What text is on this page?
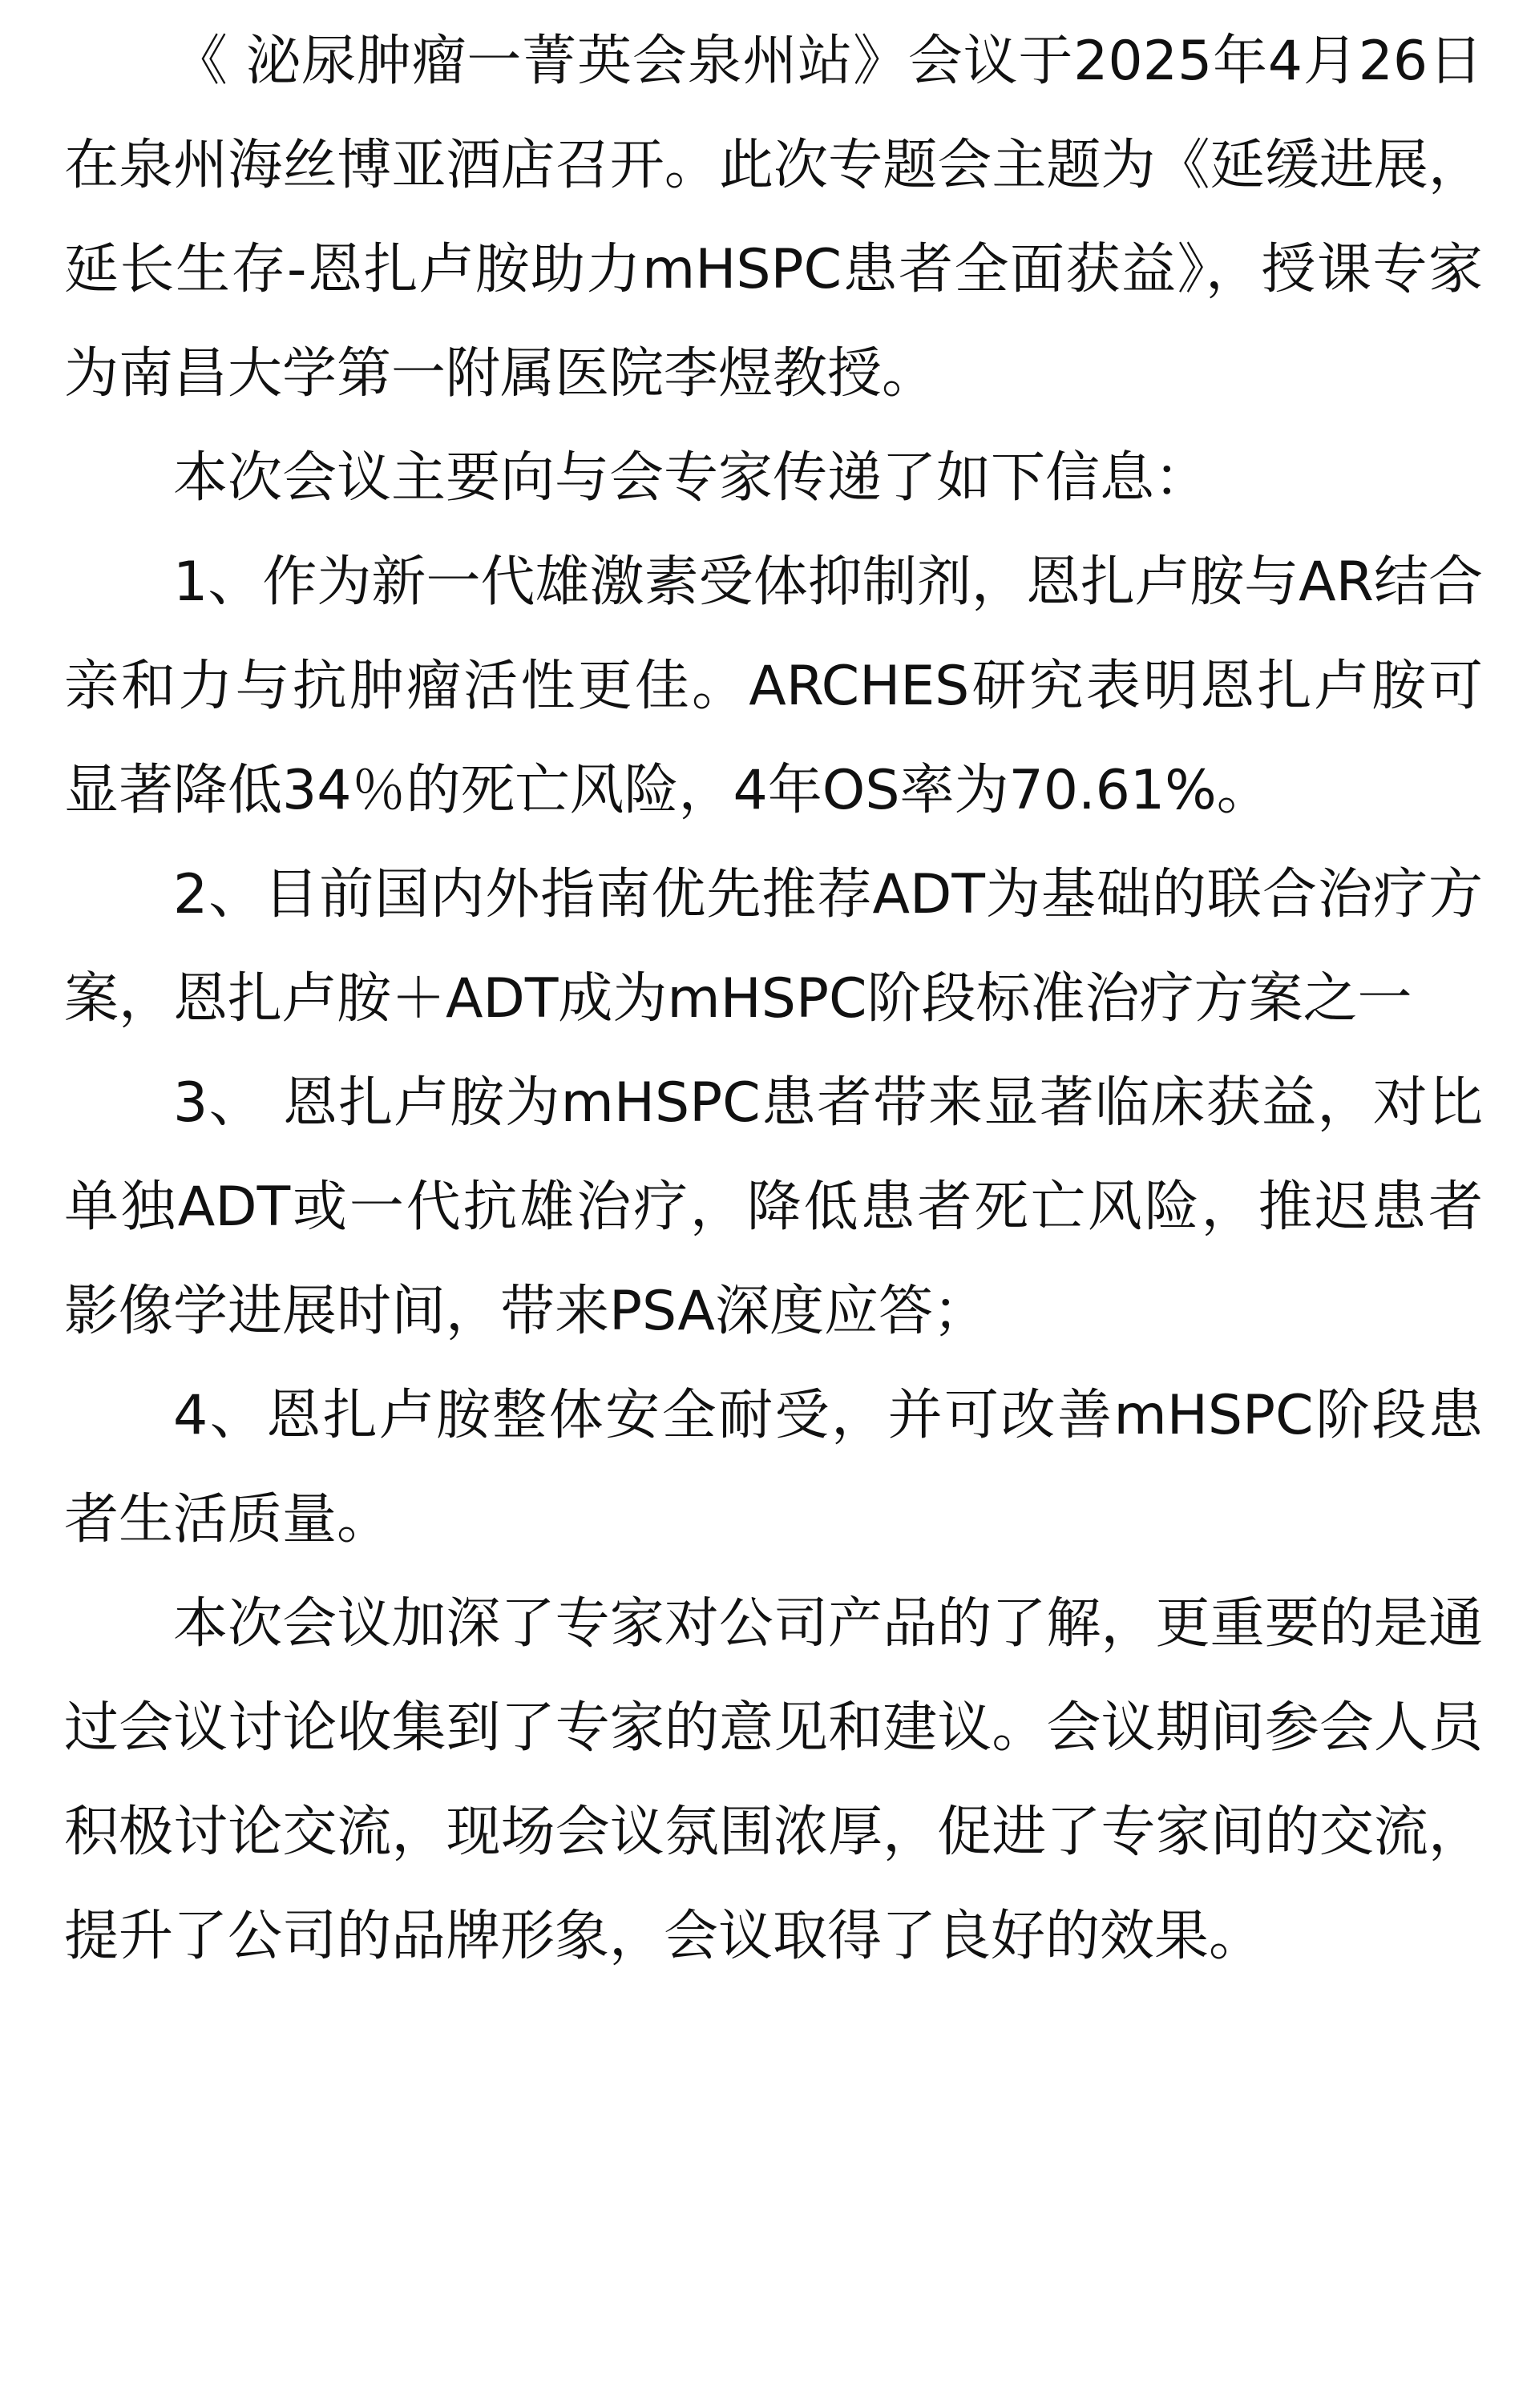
《 泌尿肿瘤一菁英会泉州站》会议于2025年4月26日在泉州海丝博亚酒店召开。此次专题会主题为《延缓进展，延长生存-恩扎卢胺助力mHSPC患者全面获益》，授课专家为南昌大学第一附属医院李煜教授。

本次会议主要向与会专家传递了如下信息：

1、作为新一代雄激素受体抑制剂，恩扎卢胺与AR结合亲和力与抗肿瘤活性更佳。ARCHES研究表明恩扎卢胺可显著降低34％的死亡风险，4年OS率为70.61%。

2、目前国内外指南优先推荐ADT为基础的联合治疗方案，恩扎卢胺＋ADT成为mHSPC阶段标准治疗方案之一

3、 恩扎卢胺为mHSPC患者带来显著临床获益，对比单独ADT或一代抗雄治疗，降低患者死亡风险，推迟患者影像学进展时间，带来PSA深度应答；

4、恩扎卢胺整体安全耐受，并可改善mHSPC阶段患者生活质量。

本次会议加深了专家对公司产品的了解，更重要的是通过会议讨论收集到了专家的意见和建议。会议期间参会人员积极讨论交流，现场会议氛围浓厚，促进了专家间的交流，提升了公司的品牌形象，会议取得了良好的效果。
